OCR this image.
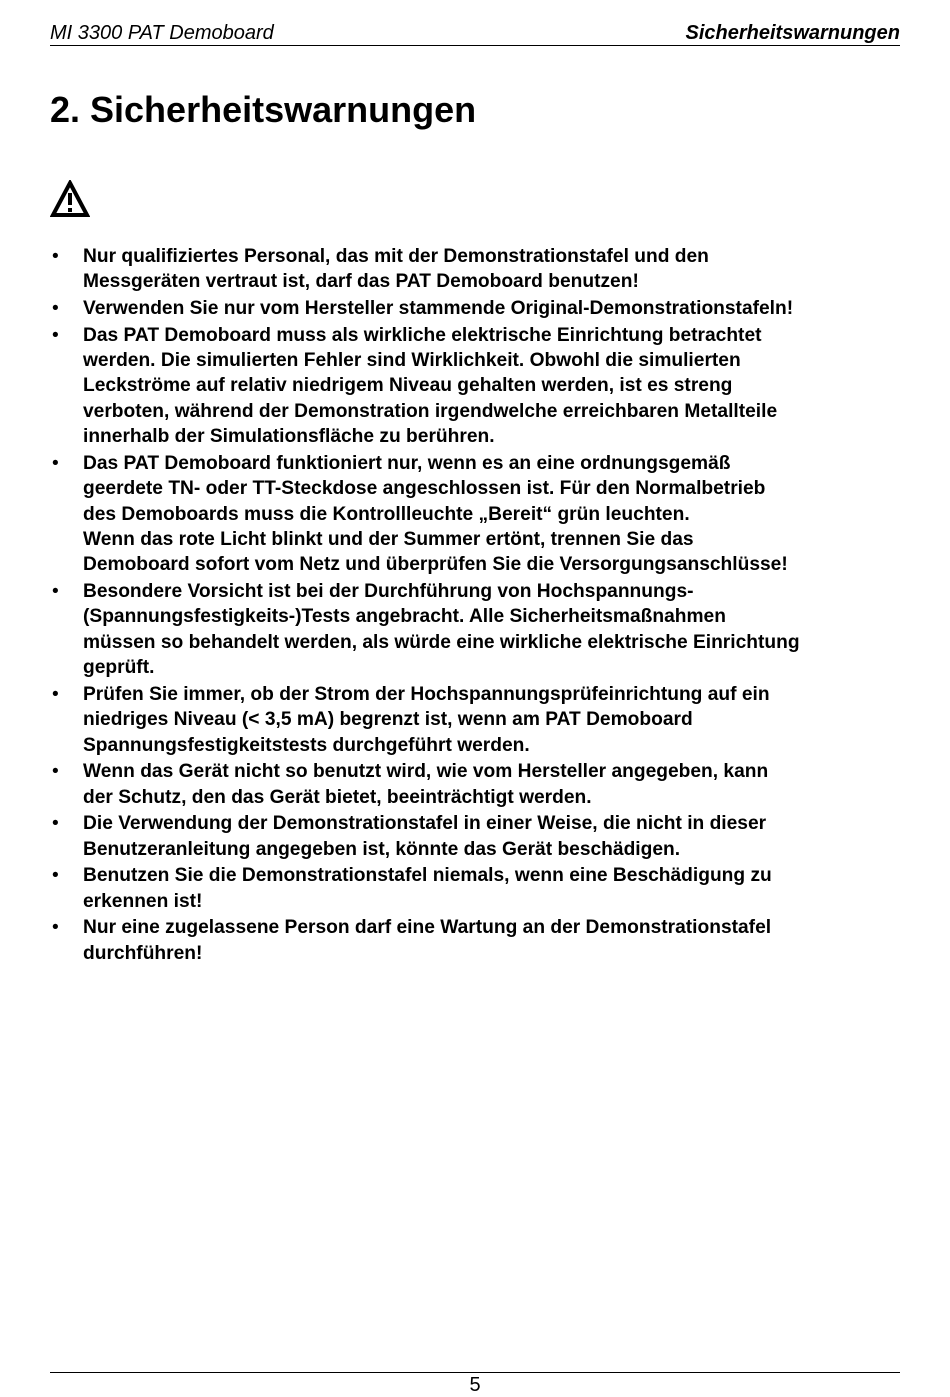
MI 3300 PAT Demoboard	Sicherheitswarnungen
2. Sicherheitswarnungen
• Nur qualifiziertes Personal, das mit der Demonstrationstafel und den
Messgeräten vertraut ist, darf das PAT Demoboard benutzen!
• Verwenden Sie nur vom Hersteller stammende Original-Demonstrationstafeln!
• Das PAT Demoboard muss als wirkliche elektrische Einrichtung betrachtet
werden. Die simulierten Fehler sind Wirklichkeit. Obwohl die simulierten
Leckströme auf relativ niedrigem Niveau gehalten werden, ist es streng
verboten, während der Demonstration irgendwelche erreichbaren Metallteile
innerhalb der Simulationsfläche zu berühren.
• Das PAT Demoboard funktioniert nur, wenn es an eine ordnungsgemäß
geerdete TN- oder TT-Steckdose angeschlossen ist. Für den Normalbetrieb
des Demoboards muss die Kontrollleuchte „Bereit“ grün leuchten.
Wenn das rote Licht blinkt und der Summer ertönt, trennen Sie das
Demoboard sofort vom Netz und überprüfen Sie die Versorgungsanschlüsse!
• Besondere Vorsicht ist bei der Durchführung von Hochspannungs-
(Spannungsfestigkeits-)Tests angebracht. Alle Sicherheitsmaßnahmen
müssen so behandelt werden, als würde eine wirkliche elektrische Einrichtung
geprüft.
• Prüfen Sie immer, ob der Strom der Hochspannungsprüfeinrichtung auf ein
niedriges Niveau (< 3,5 mA) begrenzt ist, wenn am PAT Demoboard
Spannungsfestigkeitstests durchgeführt werden.
• Wenn das Gerät nicht so benutzt wird, wie vom Hersteller angegeben, kann
der Schutz, den das Gerät bietet, beeinträchtigt werden.
• Die Verwendung der Demonstrationstafel in einer Weise, die nicht in dieser
Benutzeranleitung angegeben ist, könnte das Gerät beschädigen.
• Benutzen Sie die Demonstrationstafel niemals, wenn eine Beschädigung zu
erkennen ist!
• Nur eine zugelassene Person darf eine Wartung an der Demonstrationstafel
durchführen!
5
